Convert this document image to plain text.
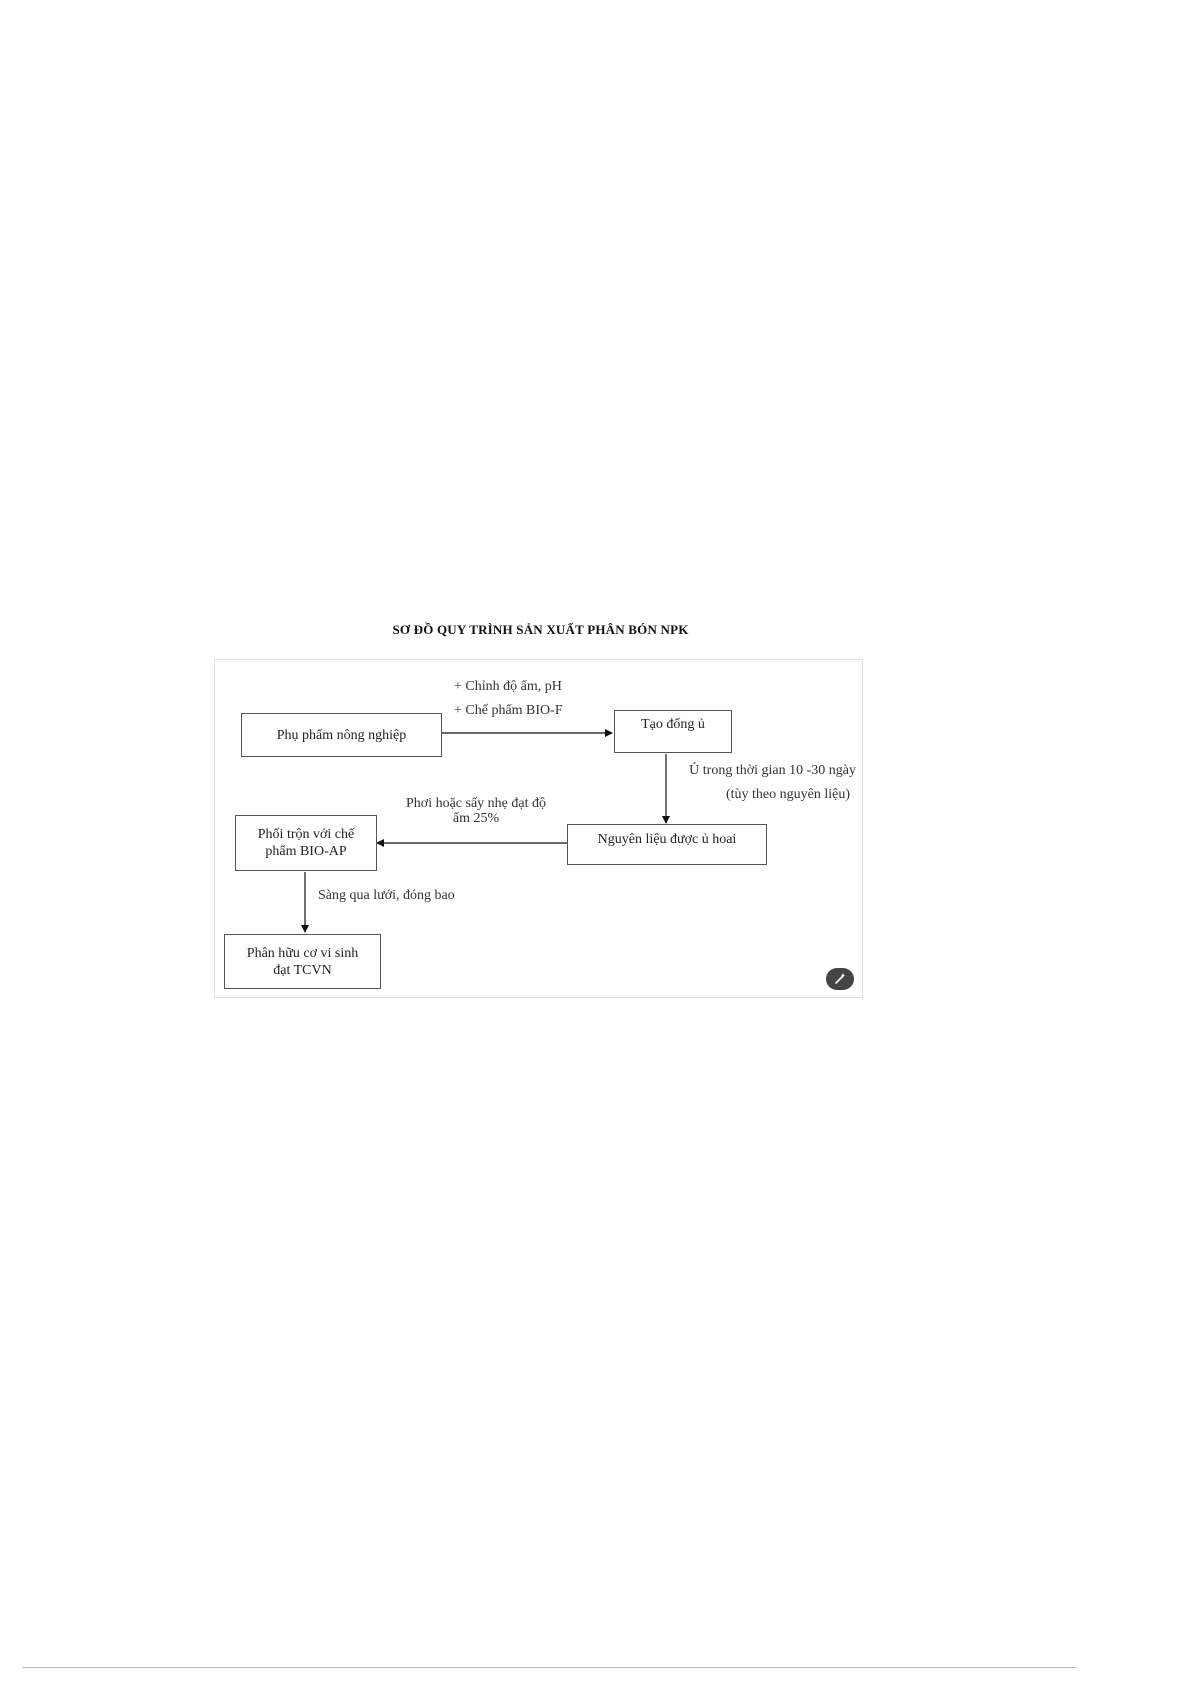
SƠ ĐỒ QUY TRÌNH SẢN XUẤT PHÂN BÓN NPK
Phụ phẩm nông nghiệp
Tạo đống ủ
Nguyên liệu được ủ hoai
Phối trộn với chế
phẩm BIO-AP
Phân hữu cơ vi sinh
đạt TCVN
+ Chỉnh độ ẩm, pH
+ Chế phẩm BIO-F
Ủ trong thời gian 10 -30 ngày
(tùy theo nguyên liệu)
Phơi hoặc sấy nhẹ đạt độ
ẩm 25%
Sàng qua lưới, đóng bao
